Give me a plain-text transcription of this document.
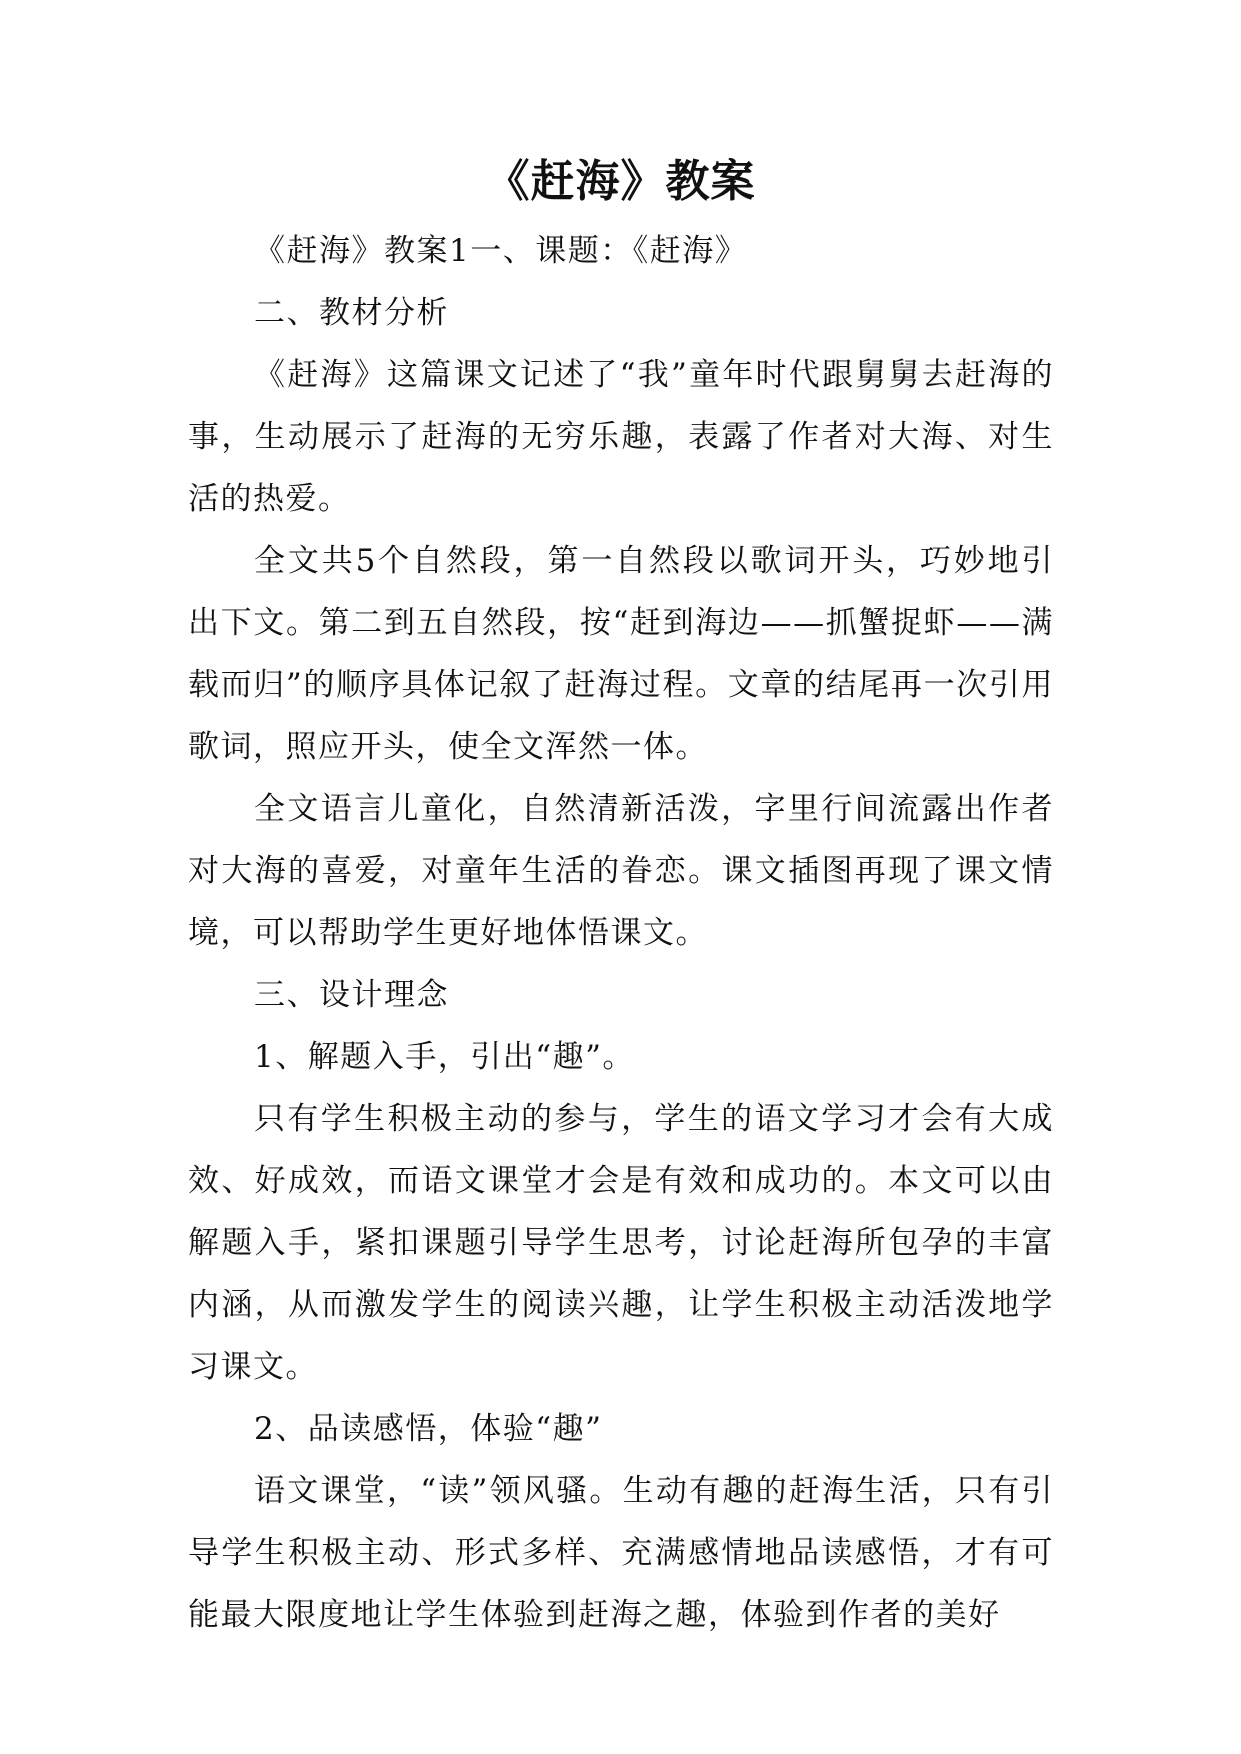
《赶海》教案

《赶海》教案1一、课题：《赶海》

二、教材分析

《赶海》这篇课文记述了“我”童年时代跟舅舅去赶海的事，生动展示了赶海的无穷乐趣，表露了作者对大海、对生活的热爱。

全文共5个自然段，第一自然段以歌词开头，巧妙地引出下文。第二到五自然段，按“赶到海边——抓蟹捉虾——满载而归”的顺序具体记叙了赶海过程。文章的结尾再一次引用歌词，照应开头，使全文浑然一体。

全文语言儿童化，自然清新活泼，字里行间流露出作者对大海的喜爱，对童年生活的眷恋。课文插图再现了课文情境，可以帮助学生更好地体悟课文。

三、设计理念

1、解题入手，引出“趣”。

只有学生积极主动的参与，学生的语文学习才会有大成效、好成效，而语文课堂才会是有效和成功的。本文可以由解题入手，紧扣课题引导学生思考，讨论赶海所包孕的丰富内涵，从而激发学生的阅读兴趣，让学生积极主动活泼地学习课文。

2、品读感悟，体验“趣”

语文课堂，“读”领风骚。生动有趣的赶海生活，只有引导学生积极主动、形式多样、充满感情地品读感悟，才有可能最大限度地让学生体验到赶海之趣，体验到作者的美好
